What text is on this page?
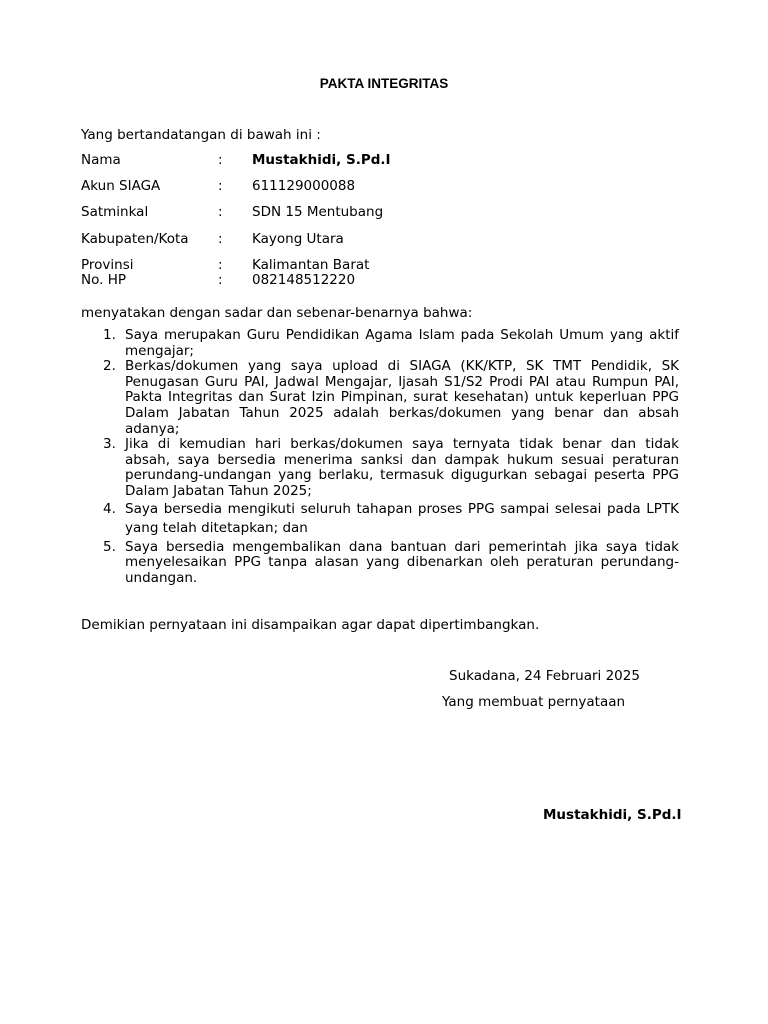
PAKTA INTEGRITAS
Yang bertandatangan di bawah ini :
Nama	: Mustakhidi, S.Pd.I
Akun SIAGA	: 611129000088
Satminkal	: SDN 15 Mentubang
Kabupaten/Kota : Kayong Utara
Provinsi	: Kalimantan Barat
No. HP	: 082148512220
menyatakan dengan sadar dan sebenar-benarnya bahwa:
1. Saya merupakan Guru Pendidikan Agama Islam pada Sekolah Umum yang aktif mengajar;
2. Berkas/dokumen yang saya upload di SIAGA (KK/KTP, SK TMT Pendidik, SK Penugasan Guru PAI, Jadwal Mengajar, Ijasah S1/S2 Prodi PAI atau Rumpun PAI, Pakta Integritas dan Surat Izin Pimpinan, surat kesehatan) untuk keperluan PPG Dalam Jabatan Tahun 2025 adalah berkas/dokumen yang benar dan absah adanya;
3. Jika di kemudian hari berkas/dokumen saya ternyata tidak benar dan tidak absah, saya bersedia menerima sanksi dan dampak hukum sesuai peraturan perundang-undangan yang berlaku, termasuk digugurkan sebagai peserta PPG Dalam Jabatan Tahun 2025;
4. Saya bersedia mengikuti seluruh tahapan proses PPG sampai selesai pada LPTK yang telah ditetapkan; dan
5. Saya bersedia mengembalikan dana bantuan dari pemerintah jika saya tidak menyelesaikan PPG tanpa alasan yang dibenarkan oleh peraturan perundang-undangan.
Demikian pernyataan ini disampaikan agar dapat dipertimbangkan.
Sukadana, 24 Februari 2025
Yang membuat pernyataan
Mustakhidi, S.Pd.I
